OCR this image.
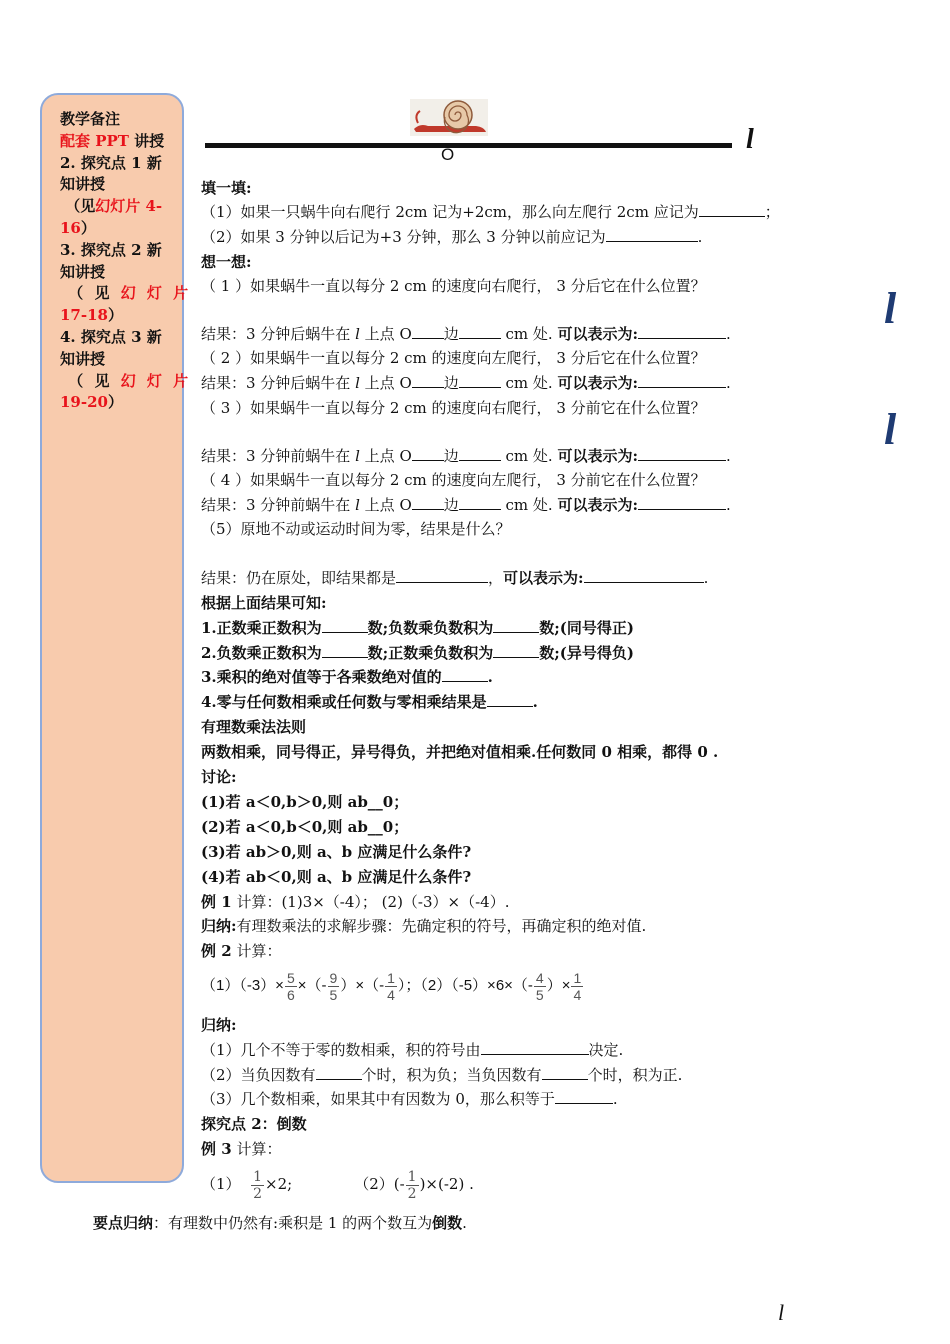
教学备注
配套 PPT 讲授
2. 探究点 1 新
知讲授
（见幻灯片 4-
16）
3. 探究点 2 新
知讲授
（ 见 幻 灯 片
17-18）
4. 探究点 3 新
知讲授
（ 见 幻 灯 片
19-20）
O	l
l
l
l
填一填:
（1）如果一只蜗牛向右爬行 2cm 记为+2cm，那么向左爬行 2cm 应记为	；
（2）如果 3 分钟以后记为+3 分钟，那么 3 分钟以前应记为	.
想一想:
（ 1 ）如果蜗牛一直以每分 2 cm 的速度向右爬行， 3 分后它在什么位置？
结果：3 分钟后蜗牛在 l 上点 O 边	cm 处. 可以表示为:	.
（ 2 ）如果蜗牛一直以每分 2 cm 的速度向左爬行， 3 分后它在什么位置？
结果：3 分钟后蜗牛在 l 上点 O 边	cm 处. 可以表示为:	.
（ 3 ）如果蜗牛一直以每分 2 cm 的速度向右爬行， 3 分前它在什么位置？
结果：3 分钟前蜗牛在 l 上点 O 边	cm 处. 可以表示为:	.
（ 4 ）如果蜗牛一直以每分 2 cm 的速度向左爬行， 3 分前它在什么位置？
结果：3 分钟前蜗牛在 l 上点 O 边	cm 处. 可以表示为:	.
（5）原地不动或运动时间为零，结果是什么？
结果：仍在原处，即结果都是	，可以表示为:	.
根据上面结果可知:
1.正数乘正数积为	数;负数乘负数积为	数;(同号得正)
2.负数乘正数积为	数;正数乘负数积为	数;(异号得负)
3.乘积的绝对值等于各乘数绝对值的	.
4.零与任何数相乘或任何数与零相乘结果是	.
有理数乘法法则
两数相乘，同号得正，异号得负，并把绝对值相乘.任何数同 0 相乘，都得 0 .
讨论:
(1)若 a＜0,b＞0,则 ab__0；
(2)若 a＜0,b＜0,则 ab__0；
(3)若 ab＞0,则 a、b 应满足什么条件?
(4)若 ab＜0,则 a、b 应满足什么条件?
例 1 计算：(1)3×（-4）； (2)（-3）×（-4）.
归纳:有理数乘法的求解步骤：先确定积的符号，再确定积的绝对值.
例 2 计算：
$(1)(-3)\times \frac{5}{6}$ ×（- $\frac{9}{5}$ ）×（- $\frac{1}{4}$ ）；$(2)(-5)\times 6\times(- \frac{4}{5}$ ）× $\frac{1}{4}$
归纳:
（1）几个不等于零的数相乘，积的符号由	决定.
（2）当负因数有	个时，积为负；当负因数有	个时，积为正.
（3）几个数相乘，如果其中有因数为 0，那么积等于	.
探究点 2：倒数
例 3 计算：
$(1) \frac{1}{2} \times 2$;	$(2)(- \frac{1}{2} )\times(-2)$ .
要点归纳：有理数中仍然有:乘积是 1 的两个数互为倒数.
